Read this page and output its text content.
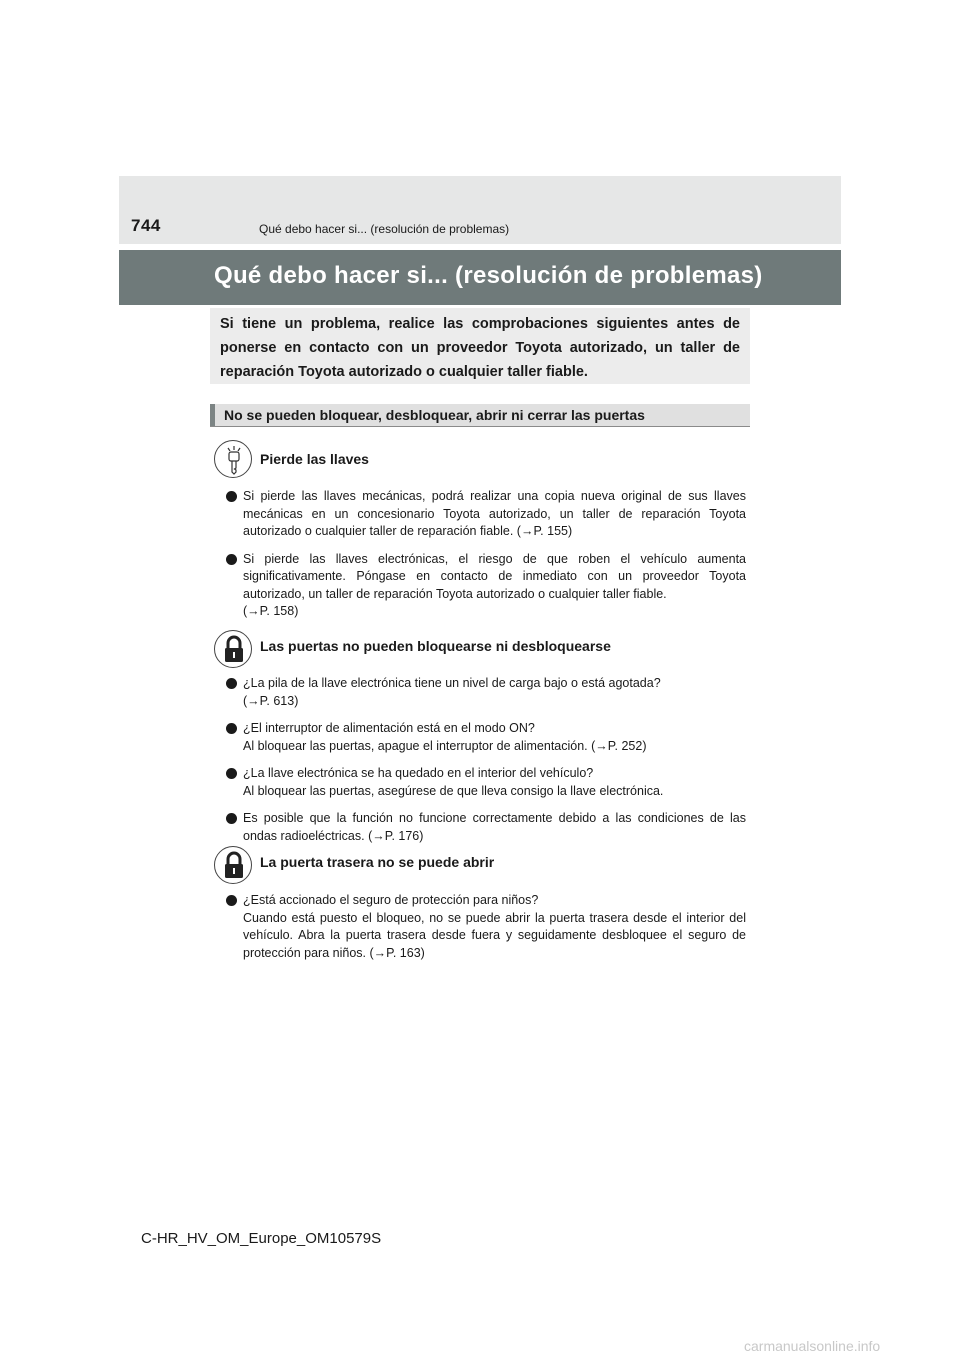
744	Qué debo hacer si... (resolución de problemas)
Qué debo hacer si... (resolución de problemas)
Si tiene un problema, realice las comprobaciones siguientes antes de ponerse en contacto con un proveedor Toyota autorizado, un taller de reparación Toyota autorizado o cualquier taller fiable.
No se pueden bloquear, desbloquear, abrir ni cerrar las puertas
Pierde las llaves

Si pierde las llaves mecánicas, podrá realizar una copia nueva original de sus llaves mecánicas en un concesionario Toyota autorizado, un taller de reparación Toyota autorizado o cualquier taller de reparación fiable. (→P. 155)

Si pierde las llaves electrónicas, el riesgo de que roben el vehículo aumenta significativamente. Póngase en contacto de inmediato con un proveedor Toyota autorizado, un taller de reparación Toyota autorizado o cualquier taller fiable.

(→P. 158)

Las puertas no pueden bloquearse ni desbloquearse

¿La pila de la llave electrónica tiene un nivel de carga bajo o está agotada?

(→P. 613)

¿El interruptor de alimentación está en el modo ON?

Al bloquear las puertas, apague el interruptor de alimentación. (→P. 252)

¿La llave electrónica se ha quedado en el interior del vehículo?

Al bloquear las puertas, asegúrese de que lleva consigo la llave electrónica.

Es posible que la función no funcione correctamente debido a las condiciones de las ondas radioeléctricas. (→P. 176)

La puerta trasera no se puede abrir

¿Está accionado el seguro de protección para niños?

Cuando está puesto el bloqueo, no se puede abrir la puerta trasera desde el interior del vehículo. Abra la puerta trasera desde fuera y seguidamente desbloquee el seguro de protección para niños. (→P. 163)

C-HR_HV_OM_Europe_OM10579S
carmanualsonline.info
